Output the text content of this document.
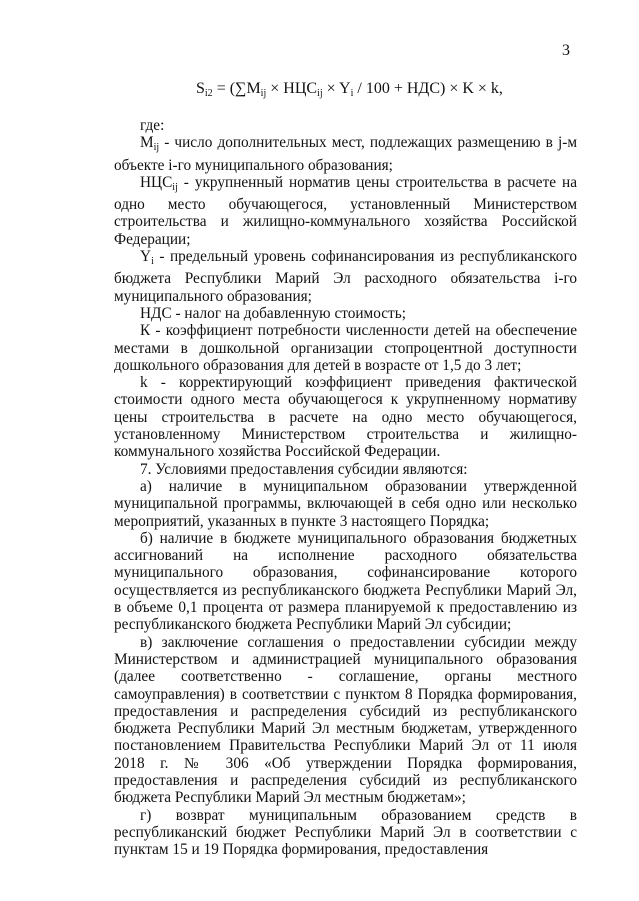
3
$S_{i2} = (\sum M_{ij} \times НЦС_{ij} \times Y_i / 100 + НДС) \times K \times k$,

где:

$M_{ij}$ - число дополнительных мест, подлежащих размещению в j-м объекте i-го муниципального образования;

$НЦС_{ij}$ - укрупненный норматив цены строительства в расчете на одно место обучающегося, установленный Министерством строительства и жилищно-коммунального хозяйства Российской Федерации;

$Y_i$ - предельный уровень софинансирования из республиканского бюджета Республики Марий Эл расходного обязательства i-го муниципального образования;

НДС - налог на добавленную стоимость;

К - коэффициент потребности численности детей на обеспечение местами в дошкольной организации стопроцентной доступности дошкольного образования для детей в возрасте от 1,5 до 3 лет;

k - корректирующий коэффициент приведения фактической стоимости одного места обучающегося к укрупненному нормативу цены строительства в расчете на одно место обучающегося, установленному Министерством строительства и жилищно-коммунального хозяйства Российской Федерации.

7. Условиями предоставления субсидии являются:

а) наличие в муниципальном образовании утвержденной муниципальной программы, включающей в себя одно или несколько мероприятий, указанных в пункте 3 настоящего Порядка;

б) наличие в бюджете муниципального образования бюджетных ассигнований на исполнение расходного обязательства муниципального образования, софинансирование которого осуществляется из республиканского бюджета Республики Марий Эл, в объеме 0,1 процента от размера планируемой к предоставлению из республиканского бюджета Республики Марий Эл субсидии;

в) заключение соглашения о предоставлении субсидии между Министерством и администрацией муниципального образования (далее соответственно - соглашение, органы местного самоуправления) в соответствии с пунктом 8 Порядка формирования, предоставления и распределения субсидий из республиканского бюджета Республики Марий Эл местным бюджетам, утвержденного постановлением Правительства Республики Марий Эл от 11 июля 2018 г. № 306 «Об утверждении Порядка формирования, предоставления и распределения субсидий из республиканского бюджета Республики Марий Эл местным бюджетам»;

г) возврат муниципальным образованием средств в республиканский бюджет Республики Марий Эл в соответствии с пунктам 15 и 19 Порядка формирования, предоставления
